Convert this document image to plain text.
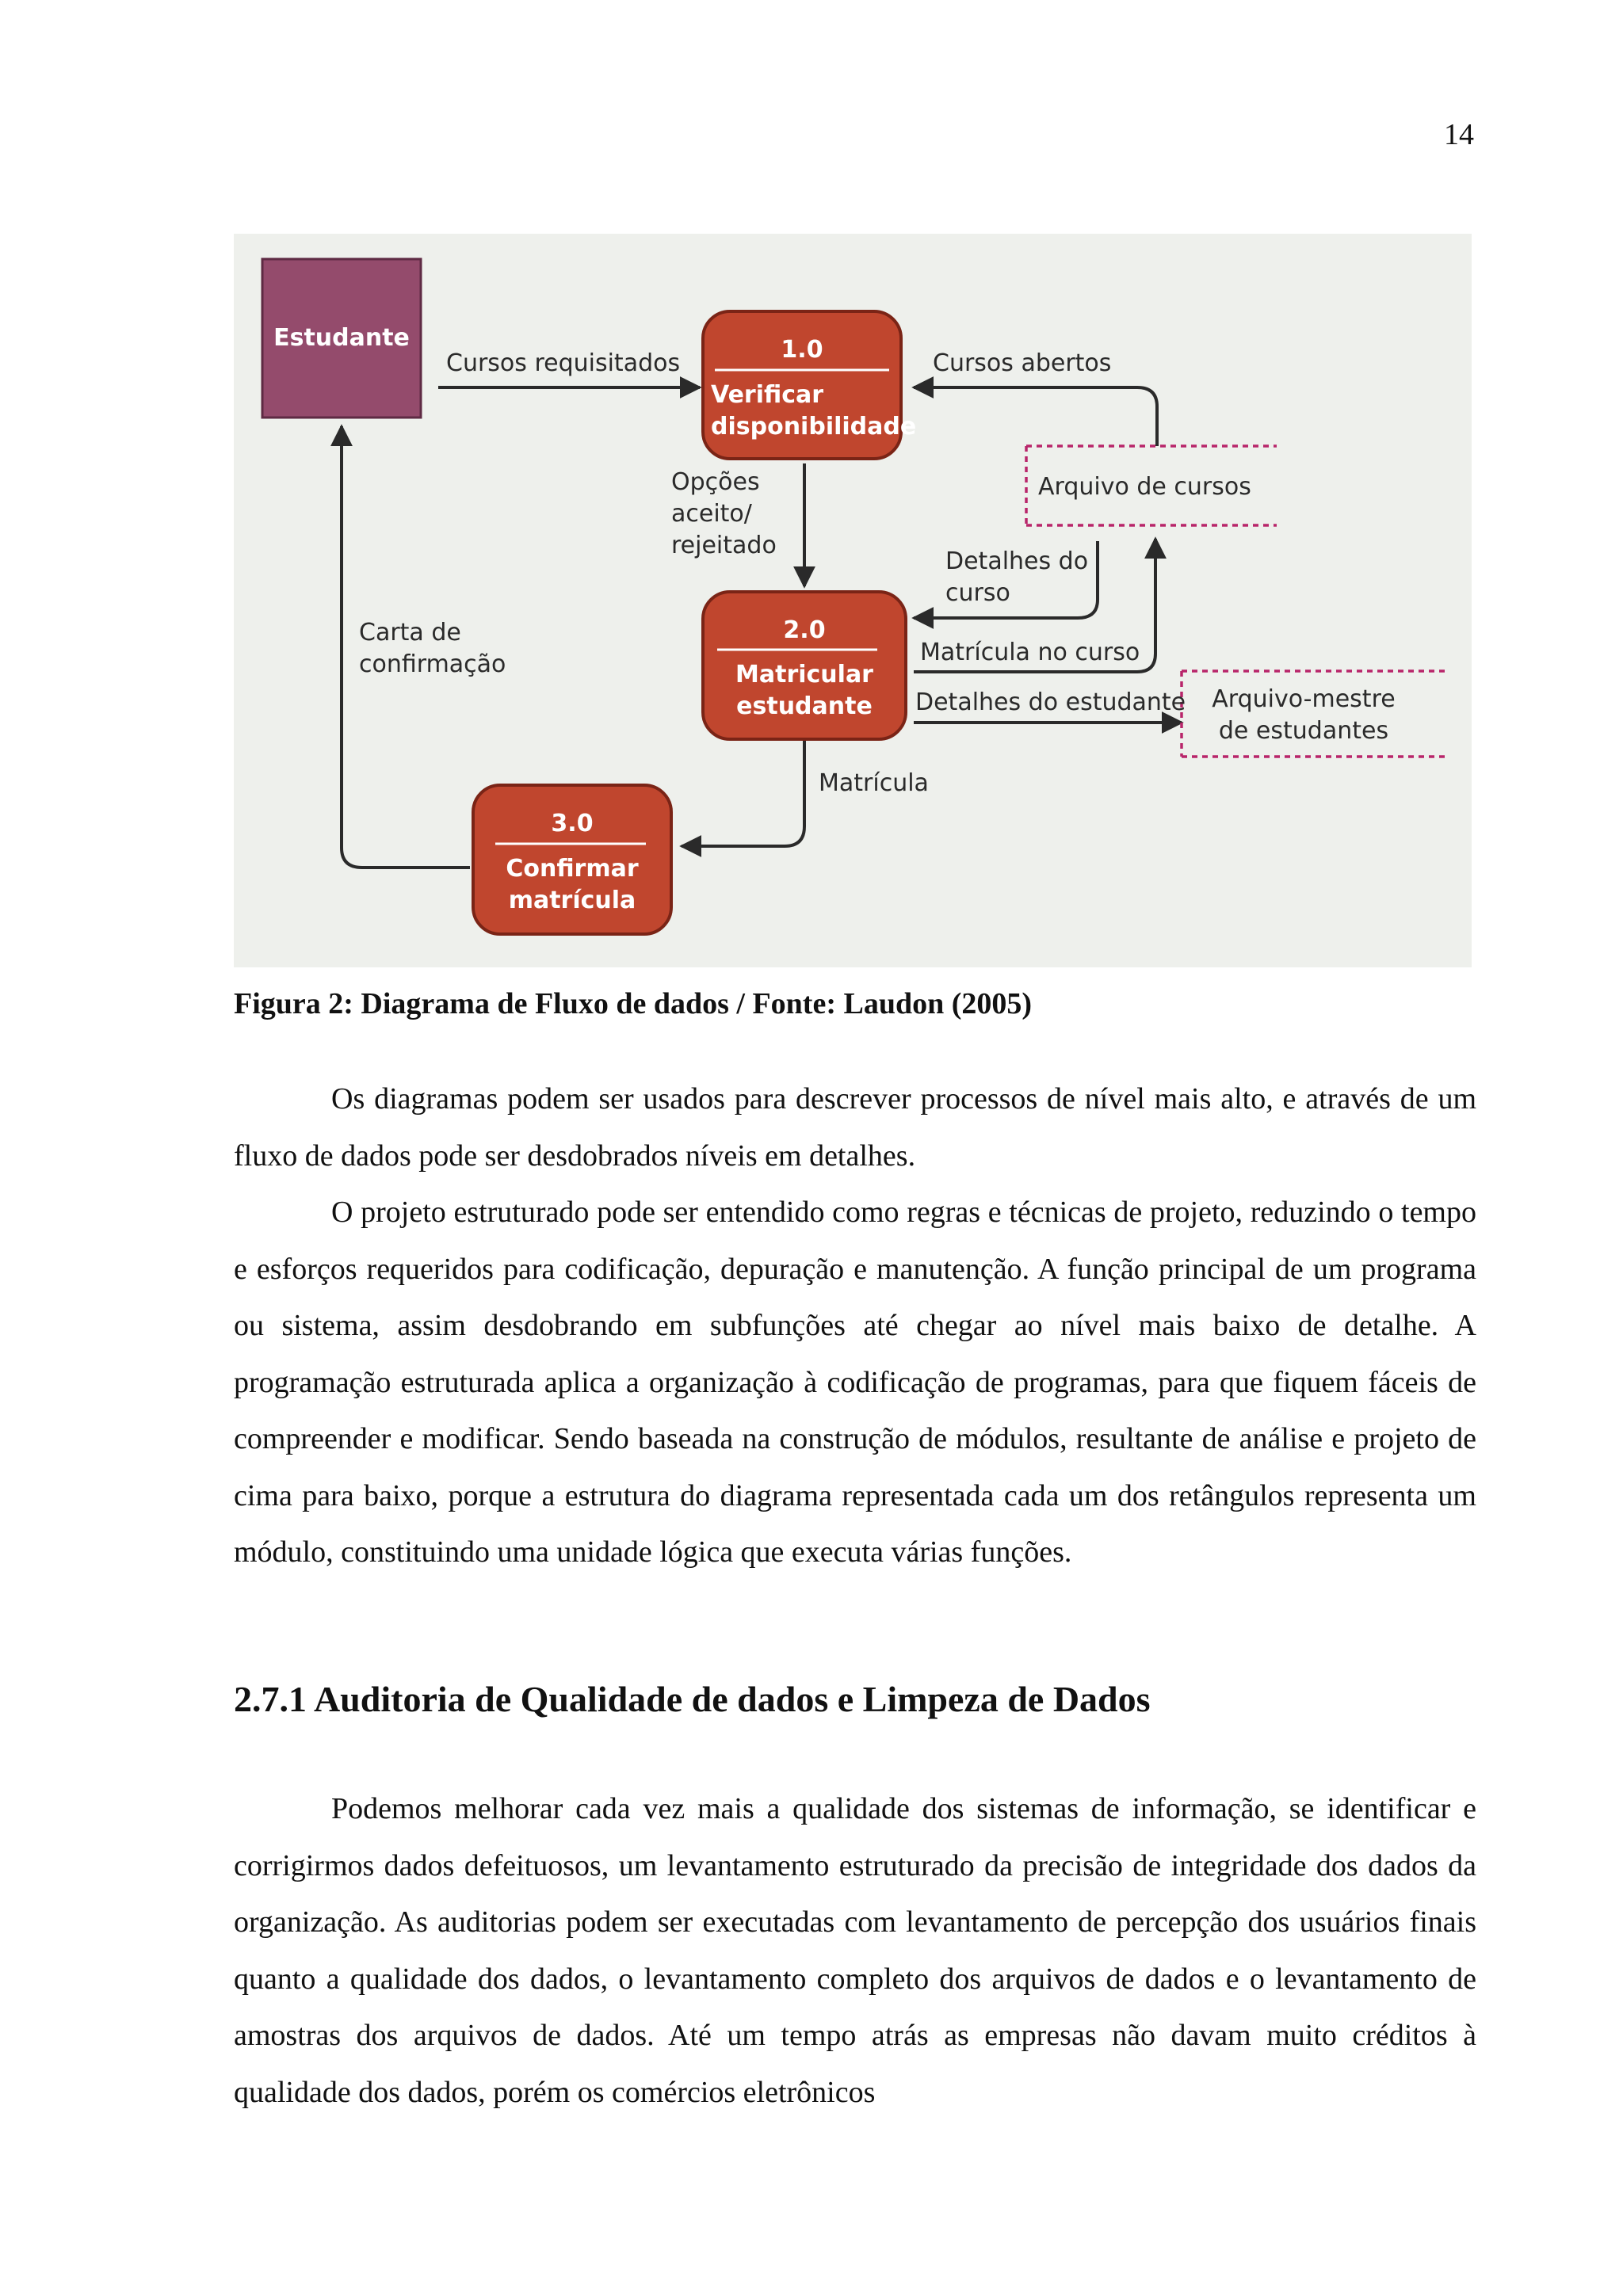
14
Estudante	1.0
Verificar
disponibilidade
2.0
Matricular
estudante
3.0
Confirmar
matrícula
Arquivo de cursos
Arquivo-mestre
de estudantes
Cursos requisitados	Cursos abertos
Opções
aceito/
rejeitado
Detalhes do
curso
Matrícula no curso
Detalhes do estudante
Matrícula
Carta de
confirmação
Figura 2: Diagrama de Fluxo de dados / Fonte: Laudon (2005)

Os diagramas podem ser usados para descrever processos de nível mais alto, e através de um fluxo de dados pode ser desdobrados níveis em detalhes.

O projeto estruturado pode ser entendido como regras e técnicas de projeto, reduzindo o tempo e esforços requeridos para codificação, depuração e manutenção. A função principal de um programa ou sistema, assim desdobrando em subfunções até chegar ao nível mais baixo de detalhe. A programação estruturada aplica a organização à codificação de programas, para que fiquem fáceis de compreender e modificar. Sendo baseada na construção de módulos, resultante de análise e projeto de cima para baixo, porque a estrutura do diagrama representada cada um dos retângulos representa um módulo, constituindo uma unidade lógica que executa várias funções.

2.7.1 Auditoria de Qualidade de dados e Limpeza de Dados

Podemos melhorar cada vez mais a qualidade dos sistemas de informação, se identificar e corrigirmos dados defeituosos, um levantamento estruturado da precisão de integridade dos dados da organização. As auditorias podem ser executadas com levantamento de percepção dos usuários finais quanto a qualidade dos dados, o levantamento completo dos arquivos de dados e o levantamento de amostras dos arquivos de dados. Até um tempo atrás as empresas não davam muito créditos à qualidade dos dados, porém os comércios eletrônicos
